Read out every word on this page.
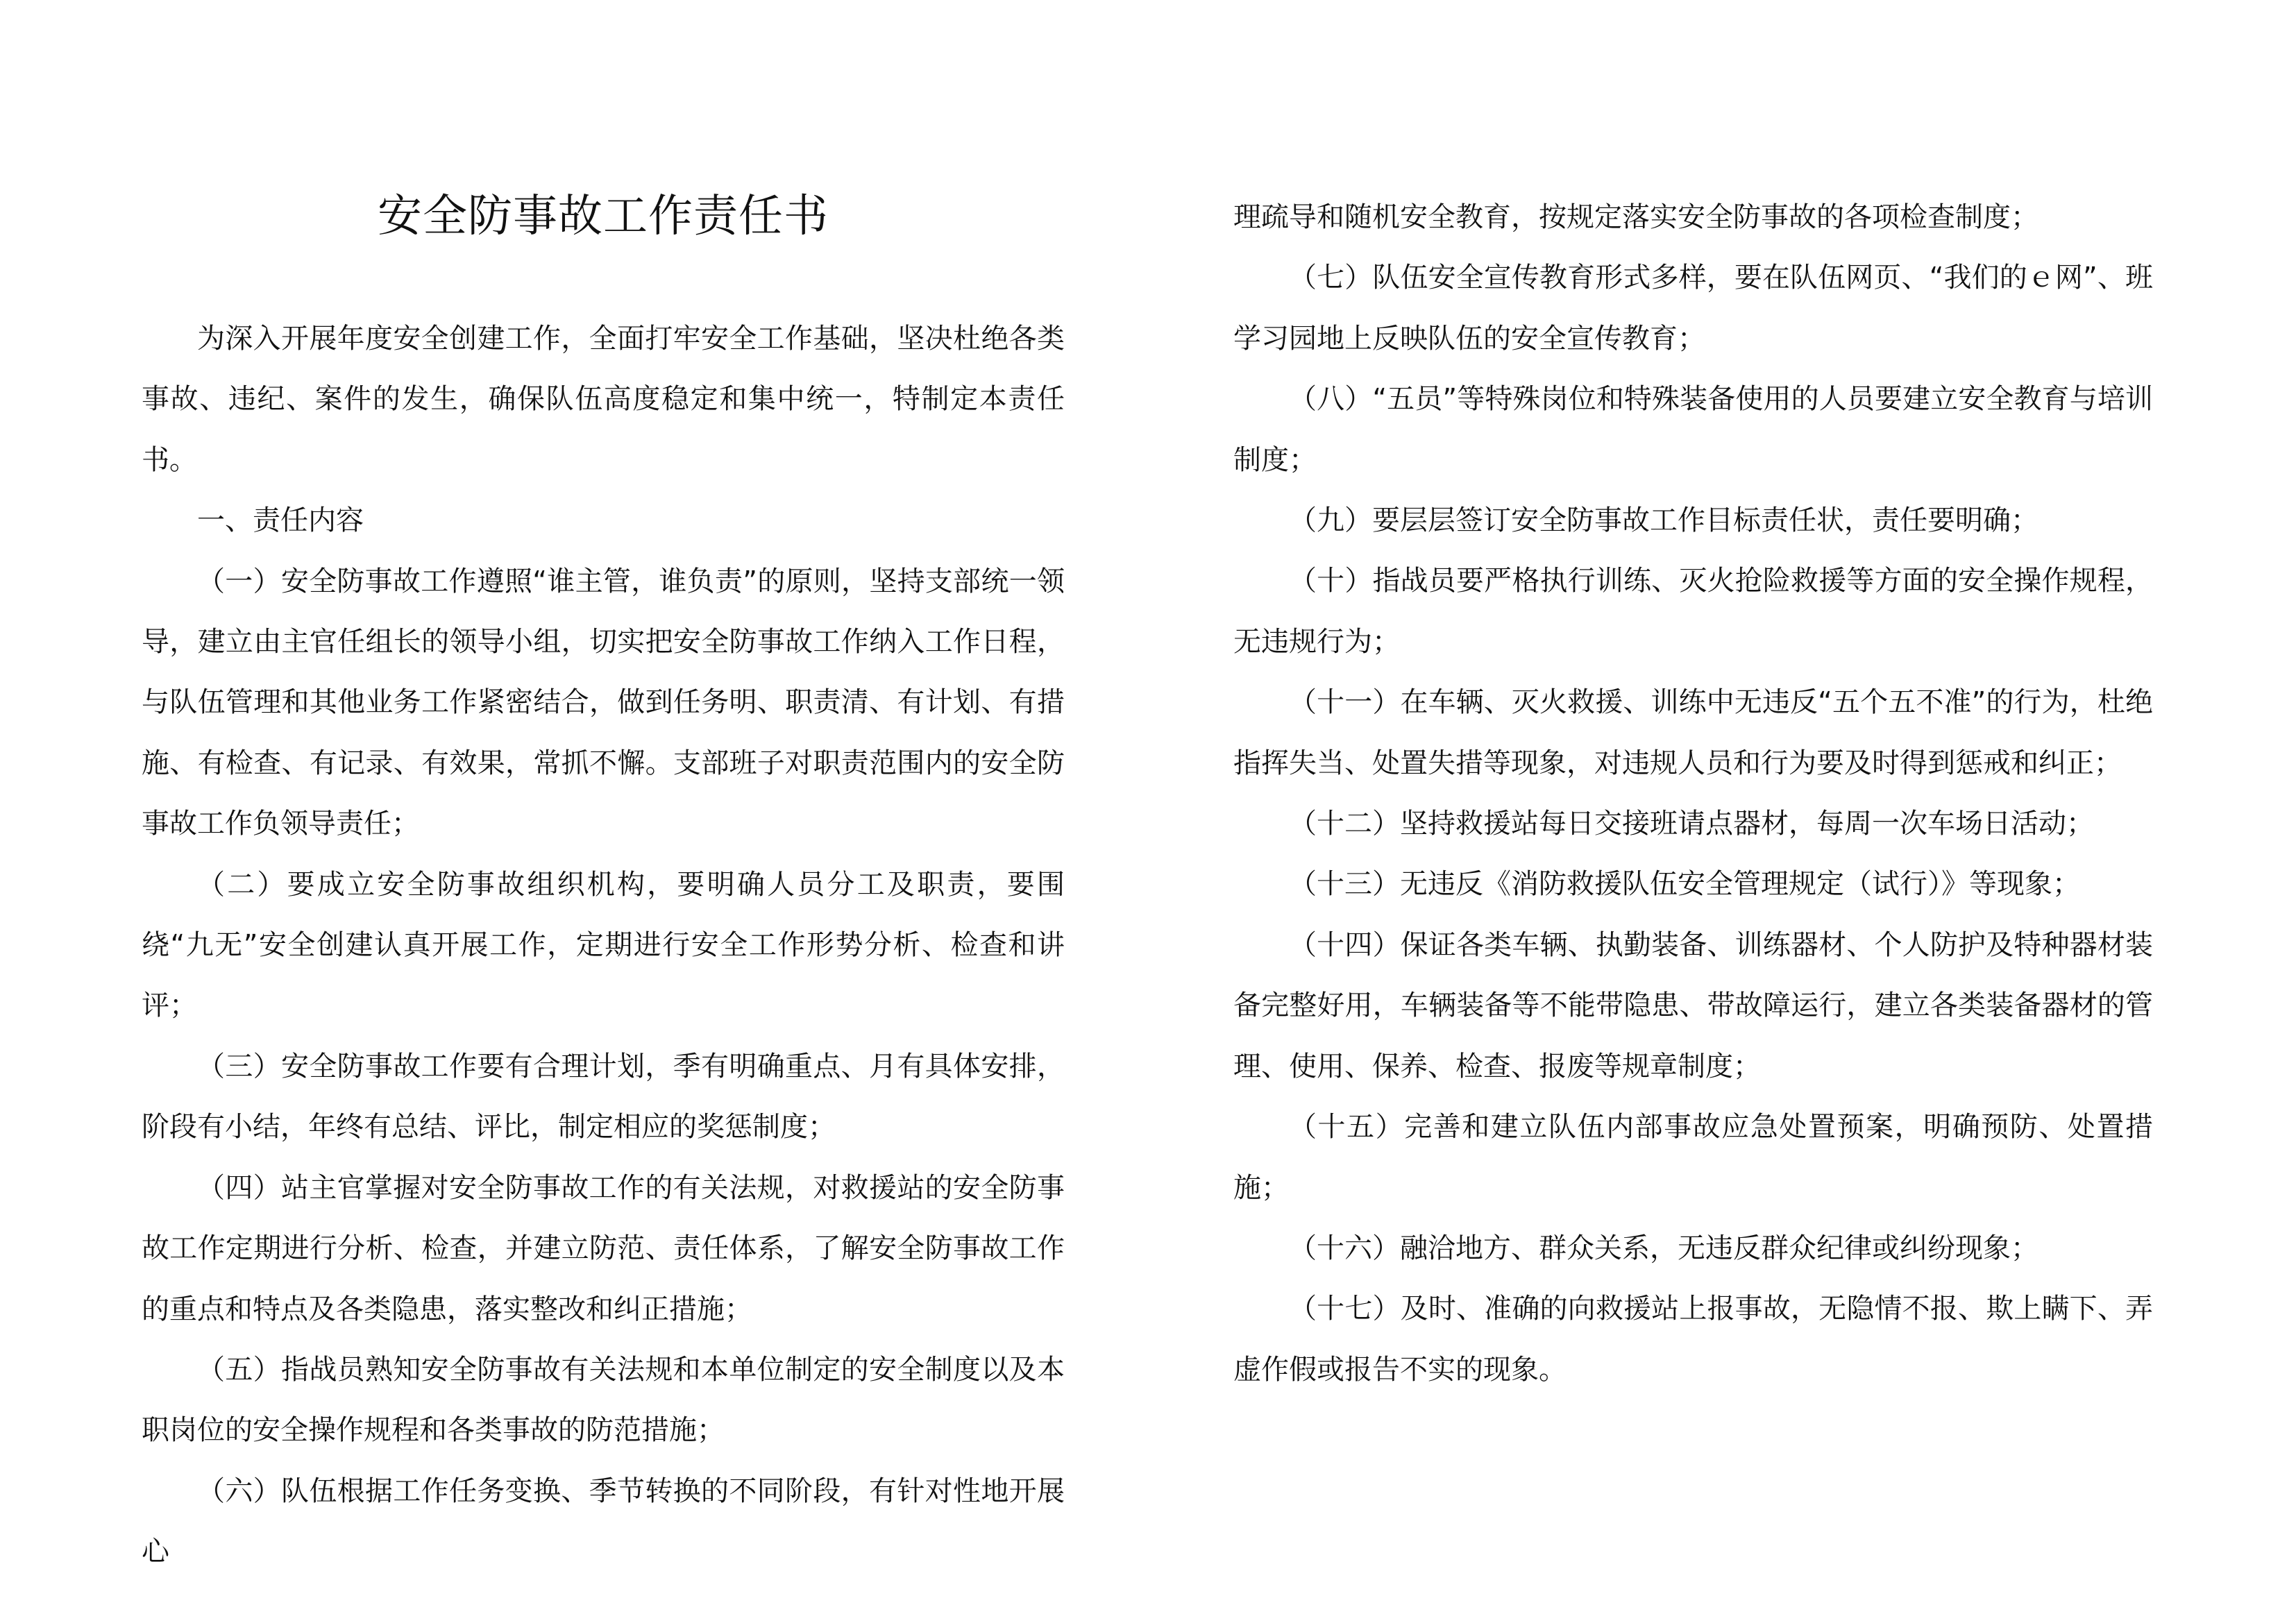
安全防事故工作责任书

为深入开展年度安全创建工作，全面打牢安全工作基础，坚决杜绝各类事故、违纪、案件的发生，确保队伍高度稳定和集中统一，特制定本责任书。

一、责任内容

（一）安全防事故工作遵照“谁主管，谁负责”的原则，坚持支部统一领导，建立由主官任组长的领导小组，切实把安全防事故工作纳入工作日程，与队伍管理和其他业务工作紧密结合，做到任务明、职责清、有计划、有措施、有检查、有记录、有效果，常抓不懈。支部班子对职责范围内的安全防事故工作负领导责任；

（二）要成立安全防事故组织机构，要明确人员分工及职责，要围绕“九无”安全创建认真开展工作，定期进行安全工作形势分析、检查和讲评；

（三）安全防事故工作要有合理计划，季有明确重点、月有具体安排，阶段有小结，年终有总结、评比，制定相应的奖惩制度；

（四）站主官掌握对安全防事故工作的有关法规，对救援站的安全防事故工作定期进行分析、检查，并建立防范、责任体系，了解安全防事故工作的重点和特点及各类隐患，落实整改和纠正措施；

（五）指战员熟知安全防事故有关法规和本单位制定的安全制度以及本职岗位的安全操作规程和各类事故的防范措施；

（六）队伍根据工作任务变换、季节转换的不同阶段，有针对性地开展心

理疏导和随机安全教育，按规定落实安全防事故的各项检查制度；

（七）队伍安全宣传教育形式多样，要在队伍网页、“我们的ｅ网”、班学习园地上反映队伍的安全宣传教育；

（八）“五员”等特殊岗位和特殊装备使用的人员要建立安全教育与培训制度；

（九）要层层签订安全防事故工作目标责任状，责任要明确；

（十）指战员要严格执行训练、灭火抢险救援等方面的安全操作规程，无违规行为；

（十一）在车辆、灭火救援、训练中无违反“五个五不准”的行为，杜绝指挥失当、处置失措等现象，对违规人员和行为要及时得到惩戒和纠正；

（十二）坚持救援站每日交接班请点器材，每周一次车场日活动；

（十三）无违反《消防救援队伍安全管理规定（试行）》等现象；

（十四）保证各类车辆、执勤装备、训练器材、个人防护及特种器材装备完整好用，车辆装备等不能带隐患、带故障运行，建立各类装备器材的管理、使用、保养、检查、报废等规章制度；

（十五）完善和建立队伍内部事故应急处置预案，明确预防、处置措施；

（十六）融洽地方、群众关系，无违反群众纪律或纠纷现象；

（十七）及时、准确的向救援站上报事故，无隐情不报、欺上瞒下、弄虚作假或报告不实的现象。
